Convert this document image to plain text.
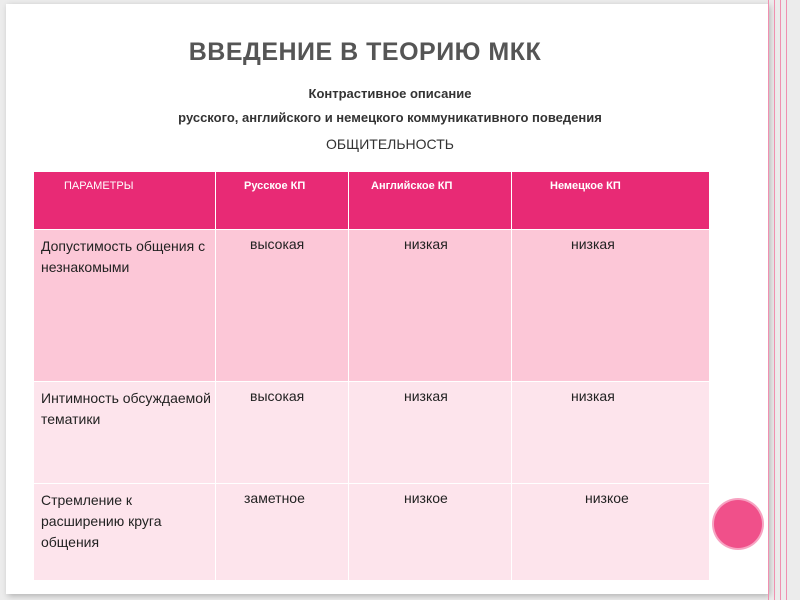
ВВЕДЕНИЕ В ТЕОРИЮ МКК
Контрастивное описание
русского, английского и немецкого коммуникативного поведения
ОБЩИТЕЛЬНОСТЬ
ПАРАМЕТРЫ	Русское КП	Английское КП	Немецкое КП
Допустимость общения с незнакомыми	высокая	низкая	низкая
Интимность обсуждаемой тематики	высокая	низкая	низкая
Стремление к расширению круга общения	заметное	низкое	низкое
